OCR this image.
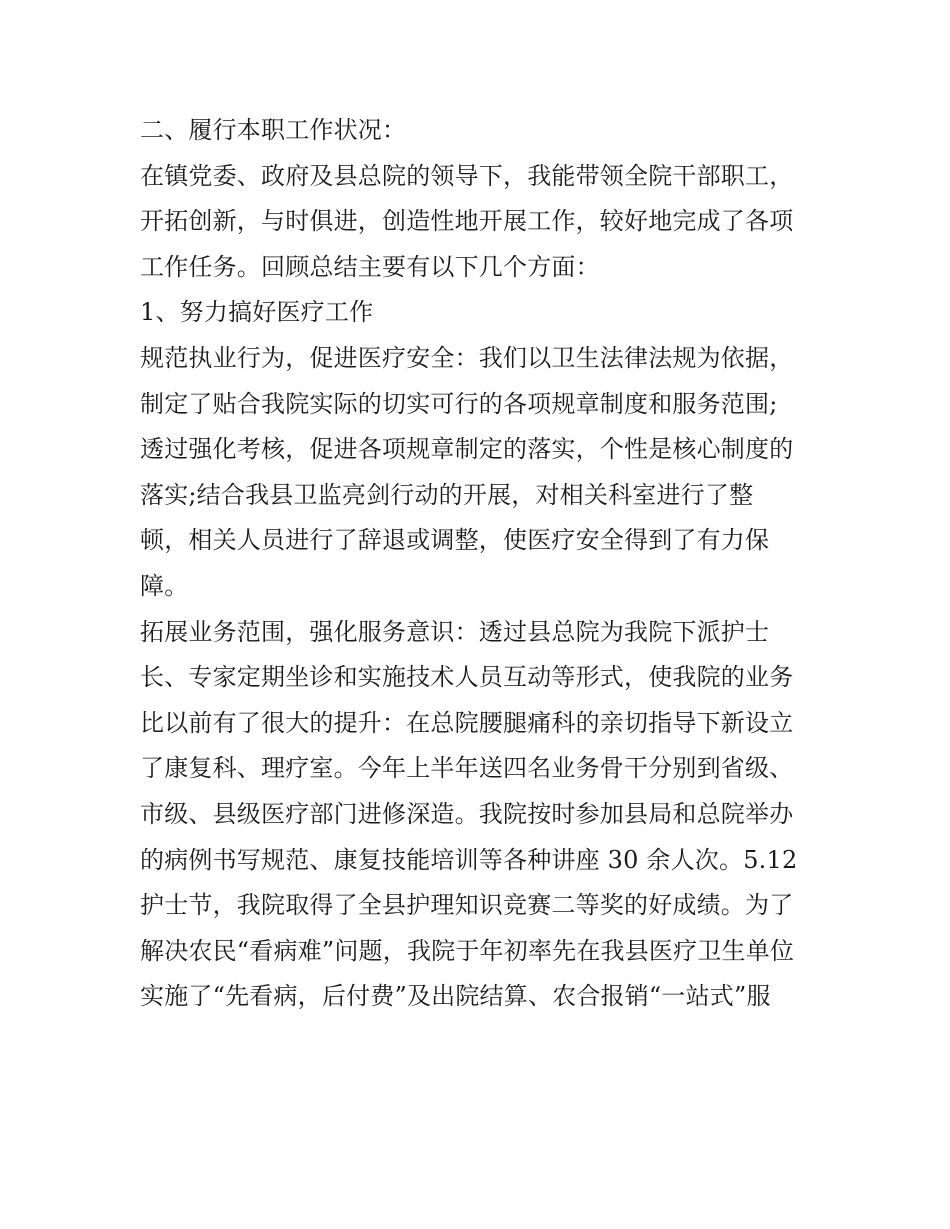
二、履行本职工作状况：

在镇党委、政府及县总院的领导下，我能带领全院干部职工，

开拓创新，与时俱进，创造性地开展工作，较好地完成了各项

工作任务。回顾总结主要有以下几个方面：

1、努力搞好医疗工作

规范执业行为，促进医疗安全：我们以卫生法律法规为依据，

制定了贴合我院实际的切实可行的各项规章制度和服务范围;

透过强化考核，促进各项规章制定的落实，个性是核心制度的

落实;结合我县卫监亮剑行动的开展，对相关科室进行了整

顿，相关人员进行了辞退或调整，使医疗安全得到了有力保

障。

拓展业务范围，强化服务意识：透过县总院为我院下派护士

长、专家定期坐诊和实施技术人员互动等形式，使我院的业务

比以前有了很大的提升：在总院腰腿痛科的亲切指导下新设立

了康复科、理疗室。今年上半年送四名业务骨干分别到省级、

市级、县级医疗部门进修深造。我院按时参加县局和总院举办

的病例书写规范、康复技能培训等各种讲座 30 余人次。5.12

护士节，我院取得了全县护理知识竞赛二等奖的好成绩。为了

解决农民“看病难”问题，我院于年初率先在我县医疗卫生单位

实施了“先看病，后付费”及出院结算、农合报销“一站式”服
